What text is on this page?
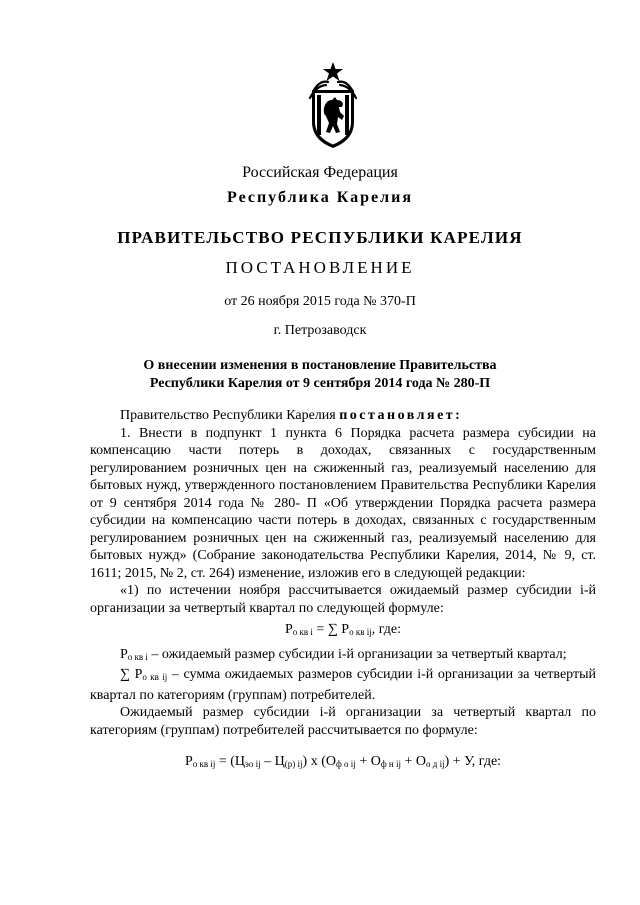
Российская Федерация
Республика Карелия
ПРАВИТЕЛЬСТВО РЕСПУБЛИКИ КАРЕЛИЯ
ПОСТАНОВЛЕНИЕ
от 26 ноября 2015 года № 370-П
г. Петрозаводск
О внесении изменения в постановление Правительства
Республики Карелия от 9 сентября 2014 года № 280-П

Правительство Республики Карелия постановляет:

1. Внести в подпункт 1 пункта 6 Порядка расчета размера субсидии на компенсацию части потерь в доходах, связанных с государственным регулированием розничных цен на сжиженный газ, реализуемый населению для бытовых нужд, утвержденного постановлением Правительства Республики Карелия от 9 сентября 2014 года № 280- П «Об утверждении Порядка расчета размера субсидии на компенсацию части потерь в доходах, связанных с государственным регулированием розничных цен на сжиженный газ, реализуемый населению для бытовых нужд» (Собрание законодательства Республики Карелия, 2014, № 9, ст. 1611; 2015, № 2, ст. 264) изменение, изложив его в следующей редакции:

«1) по истечении ноября рассчитывается ожидаемый размер субсидии i-й организации за четвертый квартал по следующей формуле:

$Р_{о кв i}$ = ∑ $Р_{о кв ij}$, где:

$Р_{о кв i}$ – ожидаемый размер субсидии i-й организации за четвертый квартал;

∑ $Р_{о кв ij}$ – сумма ожидаемых размеров субсидии i-й организации за четвертый квартал по категориям (группам) потребителей.

Ожидаемый размер субсидии i-й организации за четвертый квартал по категориям (группам) потребителей рассчитывается по формуле:

$Р_{о кв ij} = (Ц_{эо ij} - Ц_{(р) ij})$ х $(О_{ф о ij} + О_{ф н ij} + О_{о д ij}) + У$, где:
